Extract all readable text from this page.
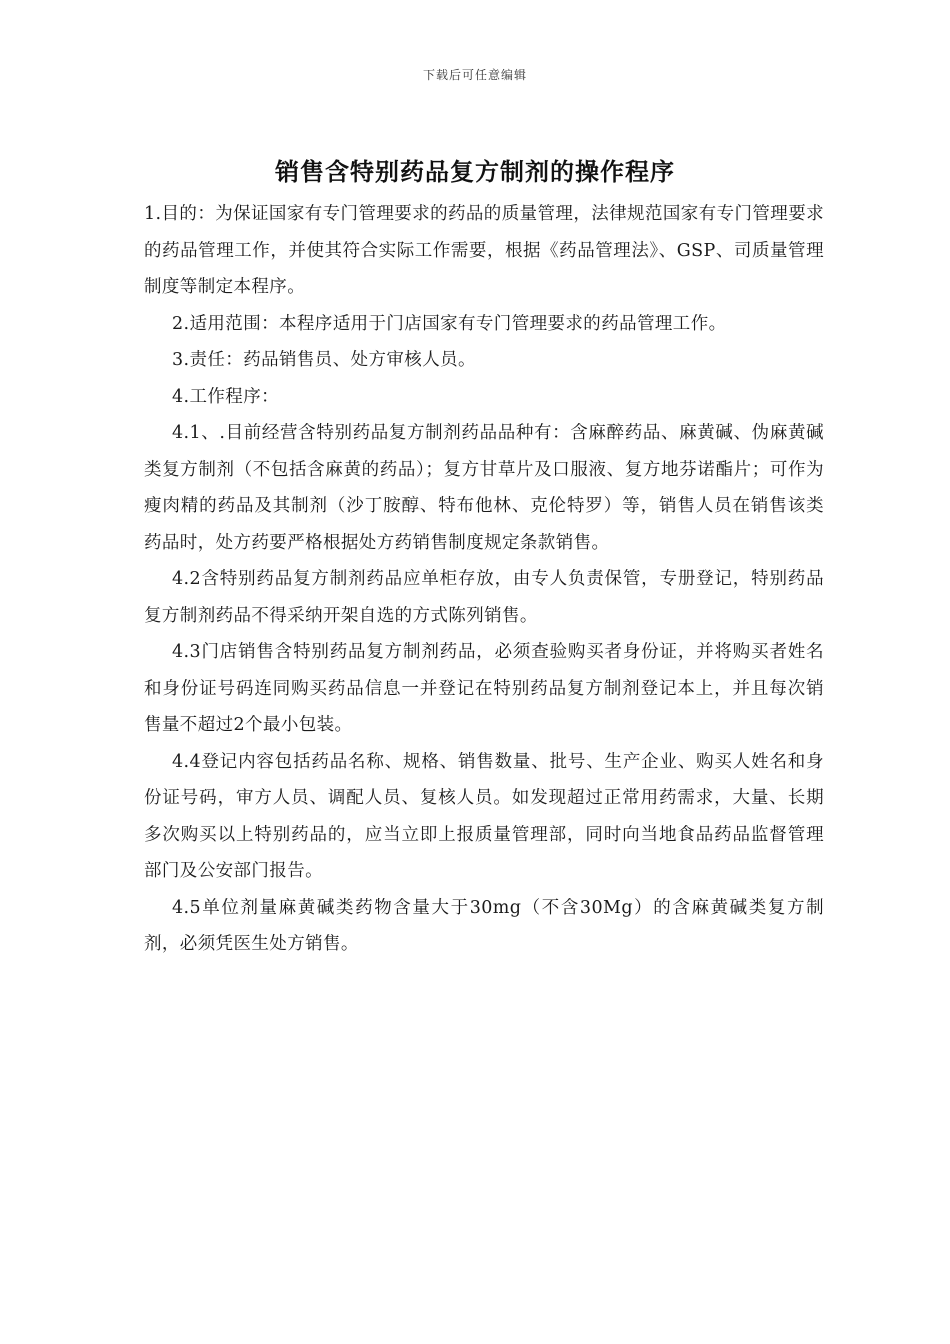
下载后可任意编辑
销售含特别药品复方制剂的操作程序

1.目的：为保证国家有专门管理要求的药品的质量管理，法律规范国家有专门管理要求的药品管理工作，并使其符合实际工作需要，根据《药品管理法》、GSP、司质量管理制度等制定本程序。

2.适用范围：本程序适用于门店国家有专门管理要求的药品管理工作。

3.责任：药品销售员、处方审核人员。

4.工作程序：

4.1、.目前经营含特别药品复方制剂药品品种有：含麻醉药品、麻黄碱、伪麻黄碱类复方制剂（不包括含麻黄的药品）；复方甘草片及口服液、复方地芬诺酯片；可作为瘦肉精的药品及其制剂（沙丁胺醇、特布他林、克伦特罗）等，销售人员在销售该类药品时，处方药要严格根据处方药销售制度规定条款销售。

4.2含特别药品复方制剂药品应单柜存放，由专人负责保管，专册登记，特别药品复方制剂药品不得采纳开架自选的方式陈列销售。

4.3门店销售含特别药品复方制剂药品，必须查验购买者身份证，并将购买者姓名和身份证号码连同购买药品信息一并登记在特别药品复方制剂登记本上，并且每次销售量不超过2个最小包装。

4.4登记内容包括药品名称、规格、销售数量、批号、生产企业、购买人姓名和身份证号码，审方人员、调配人员、复核人员。如发现超过正常用药需求，大量、长期多次购买以上特别药品的，应当立即上报质量管理部，同时向当地食品药品监督管理部门及公安部门报告。

4.5单位剂量麻黄碱类药物含量大于30mg（不含30Mg）的含麻黄碱类复方制剂，必须凭医生处方销售。
